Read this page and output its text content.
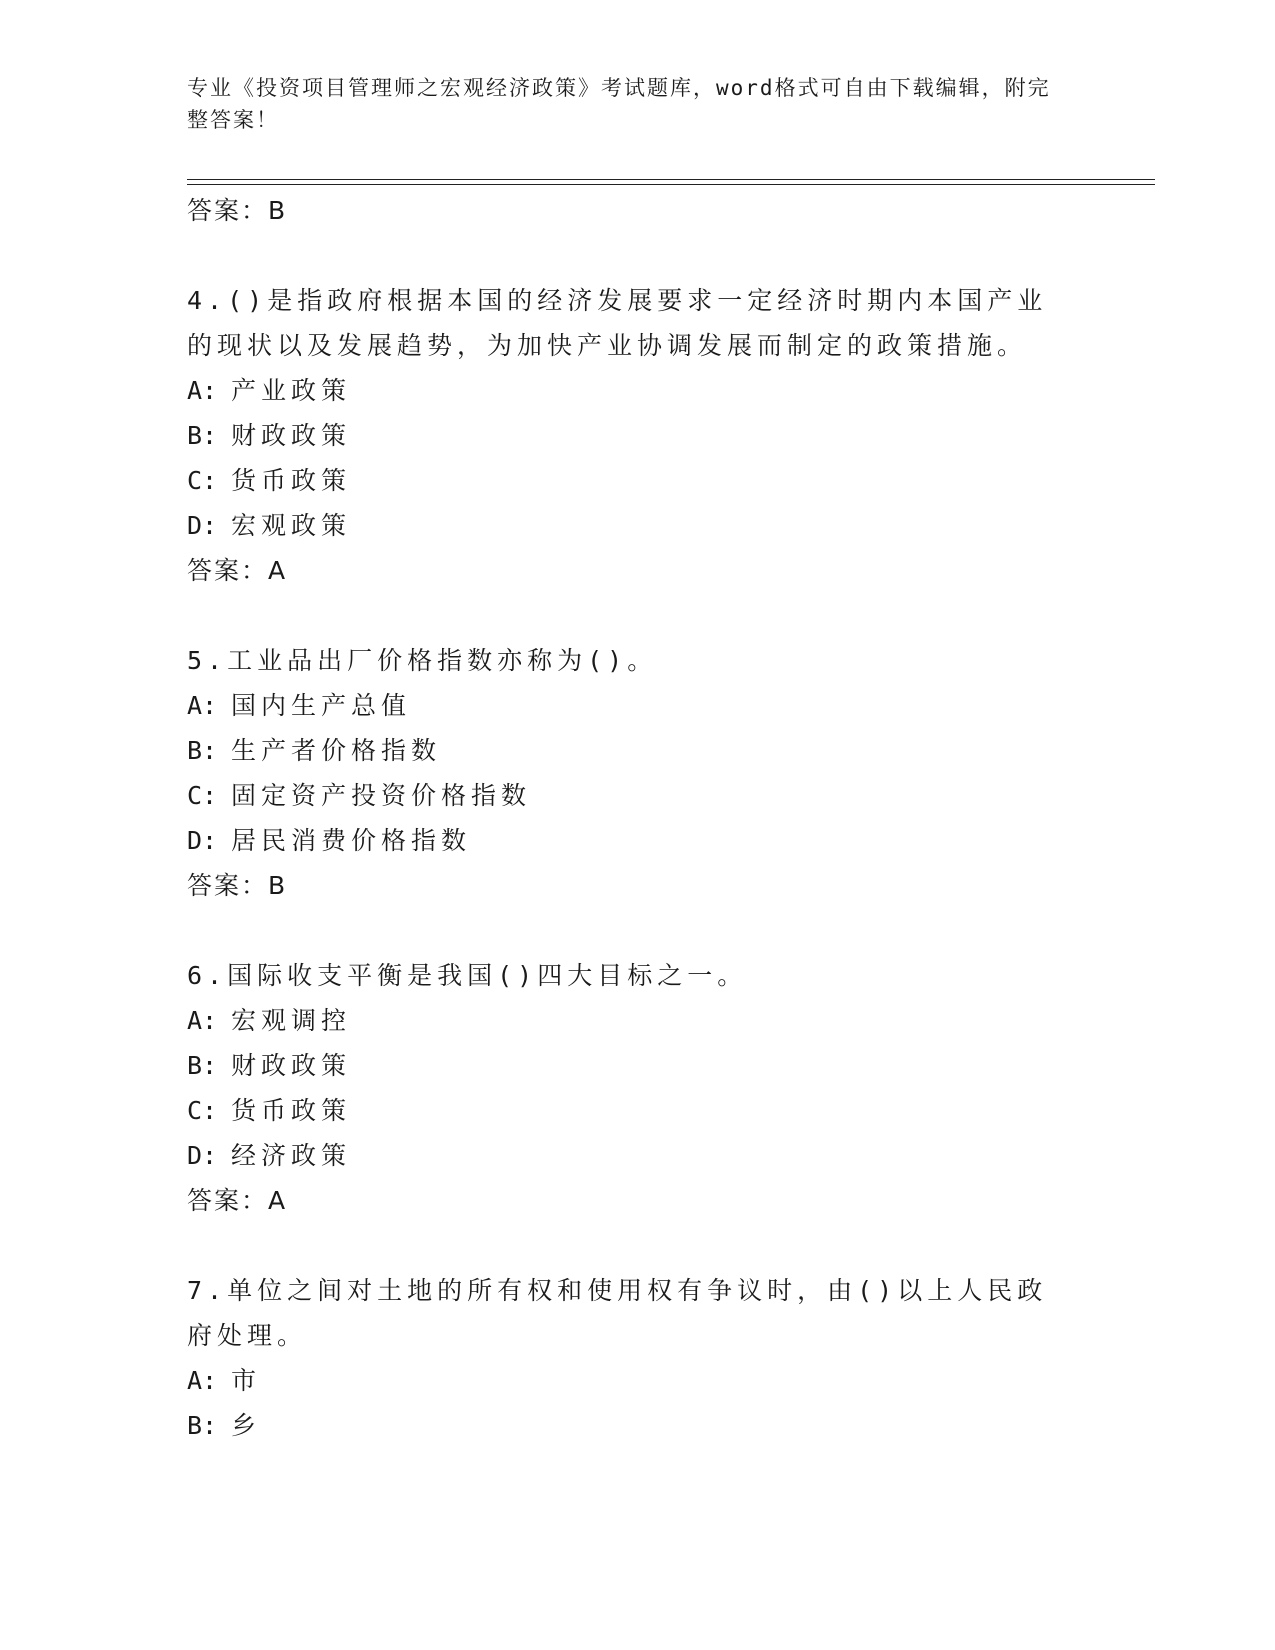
专业《投资项目管理师之宏观经济政策》考试题库，word格式可自由下载编辑，附完整答案！
答案：B
4.()是指政府根据本国的经济发展要求一定经济时期内本国产业的现状以及发展趋势，为加快产业协调发展而制定的政策措施。
A: 产业政策
B: 财政政策
C: 货币政策
D: 宏观政策
答案：A
5.工业品出厂价格指数亦称为()。
A: 国内生产总值
B: 生产者价格指数
C: 固定资产投资价格指数
D: 居民消费价格指数
答案：B
6.国际收支平衡是我国()四大目标之一。
A: 宏观调控
B: 财政政策
C: 货币政策
D: 经济政策
答案：A
7.单位之间对土地的所有权和使用权有争议时，由()以上人民政府处理。
A: 市
B: 乡
